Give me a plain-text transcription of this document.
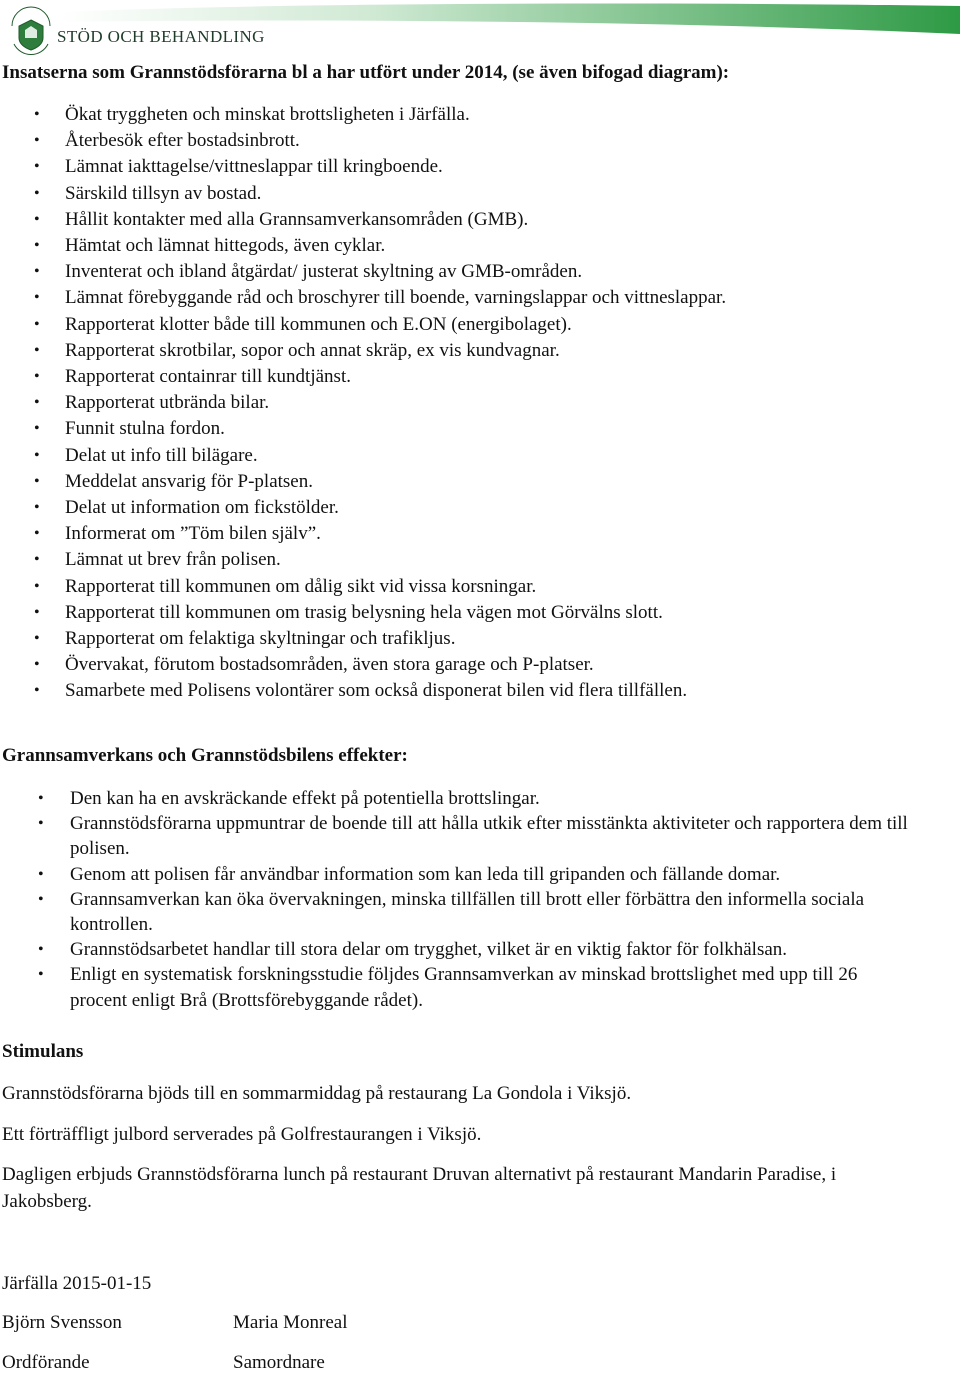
STÖD OCH BEHANDLING

Insatserna som Grannstödsförarna bl a har utfört under 2014, (se även bifogad diagram):

• Ökat tryggheten och minskat brottsligheten i Järfälla.
• Återbesök efter bostadsinbrott.
• Lämnat iakttagelse/vittneslappar till kringboende.
• Särskild tillsyn av bostad.
• Hållit kontakter med alla Grannsamverkansområden (GMB).
• Hämtat och lämnat hittegods, även cyklar.
• Inventerat och ibland åtgärdat/ justerat skyltning av GMB-områden.
• Lämnat förebyggande råd och broschyrer till boende, varningslappar och vittneslappar.
• Rapporterat klotter både till kommunen och E.ON (energibolaget).
• Rapporterat skrotbilar, sopor och annat skräp, ex vis kundvagnar.
• Rapporterat containrar till kundtjänst.
• Rapporterat utbrända bilar.
• Funnit stulna fordon.
• Delat ut info till bilägare.
• Meddelat ansvarig för P-platsen.
• Delat ut information om fickstölder.
• Informerat om ”Töm bilen själv”.
• Lämnat ut brev från polisen.
• Rapporterat till kommunen om dålig sikt vid vissa korsningar.
• Rapporterat till kommunen om trasig belysning hela vägen mot Görvälns slott.
• Rapporterat om felaktiga skyltningar och trafikljus.
• Övervakat, förutom bostadsområden, även stora garage och P-platser.
• Samarbete med Polisens volontärer som också disponerat bilen vid flera tillfällen.

Grannsamverkans och Grannstödsbilens effekter:

• Den kan ha en avskräckande effekt på potentiella brottslingar.
• Grannstödsförarna uppmuntrar de boende till att hålla utkik efter misstänkta aktiviteter och rapportera dem till polisen.
• Genom att polisen får användbar information som kan leda till gripanden och fällande domar.
• Grannsamverkan kan öka övervakningen, minska tillfällen till brott eller förbättra den informella sociala kontrollen.
• Grannstödsarbetet handlar till stora delar om trygghet, vilket är en viktig faktor för folkhälsan.
• Enligt en systematisk forskningsstudie följdes Grannsamverkan av minskad brottslighet med upp till 26 procent enligt Brå (Brottsförebyggande rådet).

Stimulans

Grannstödsförarna bjöds till en sommarmiddag på restaurang La Gondola i Viksjö.

Ett förträffligt julbord serverades på Golfrestaurangen i Viksjö.

Dagligen erbjuds Grannstödsförarna lunch på restaurant Druvan alternativt på restaurant Mandarin Paradise, i Jakobsberg.

Järfälla 2015-01-15

Björn Svensson	Maria Monreal

Ordförande	Samordnare
